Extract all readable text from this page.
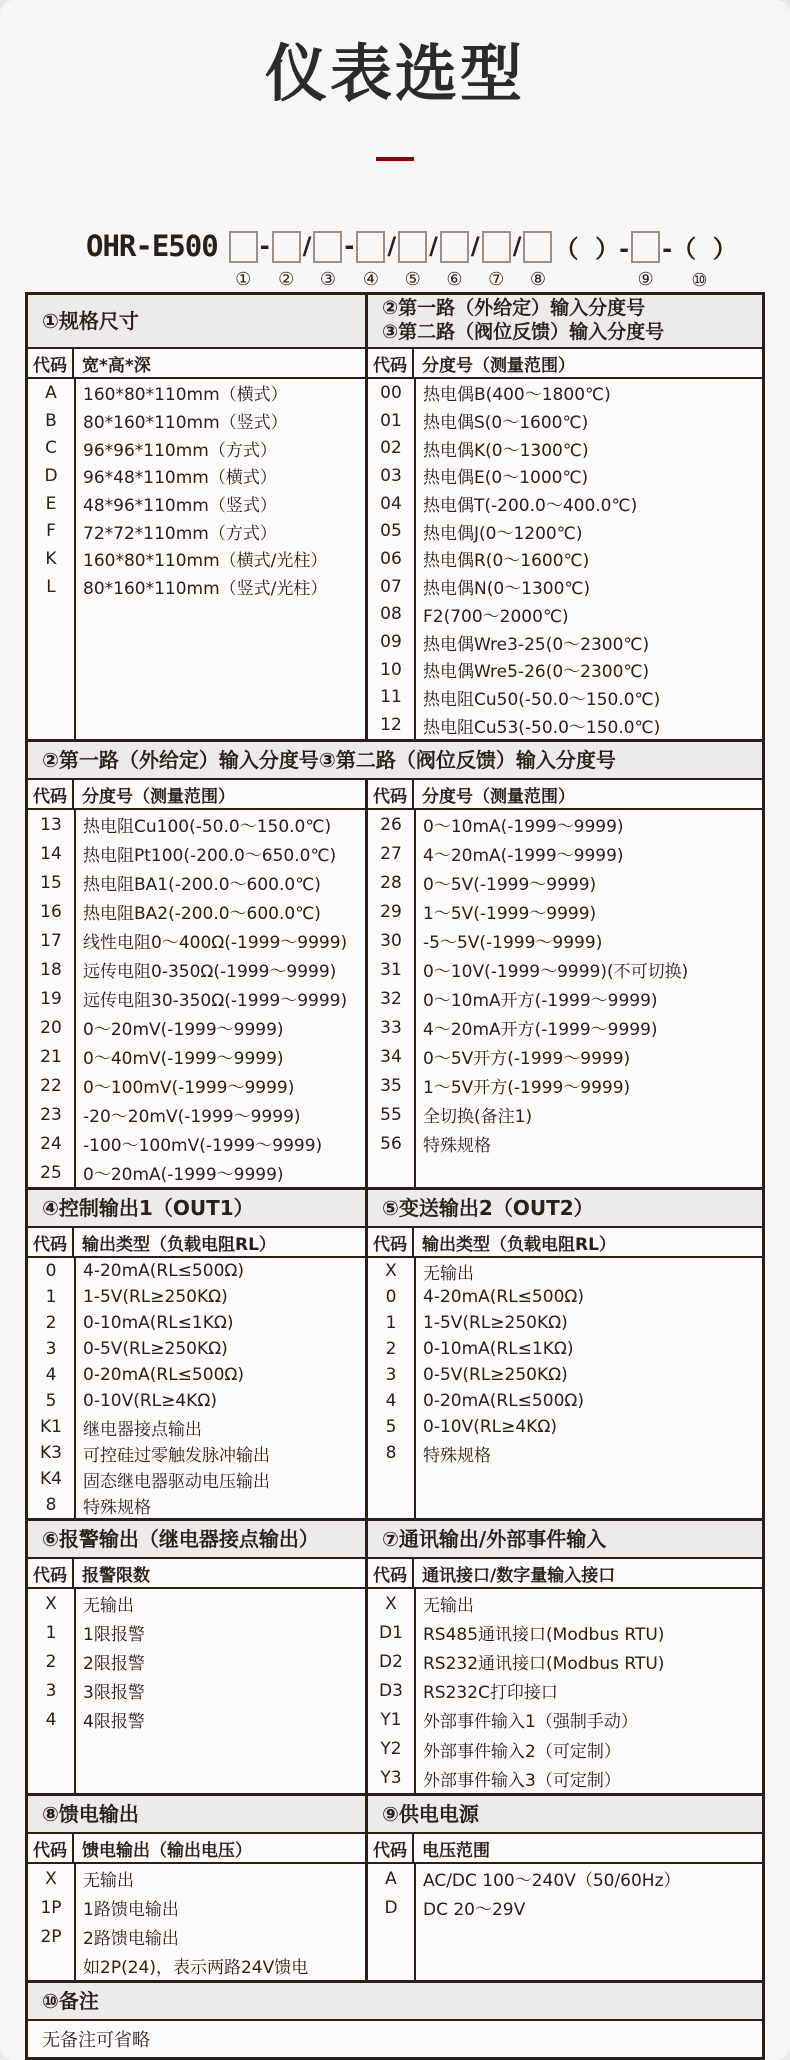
仪表选型
OHR-E500
①
-
②
/
③
-
④
/
⑤
/
⑥
/
⑦
/
⑧
（  ）-
⑨
-（  ）
⑩
①规格尺寸
代码 宽*高*深
A	160*80*110mm（横式）
B	80*160*110mm（竖式）
C	96*96*110mm（方式）
D	96*48*110mm（横式）
E	48*96*110mm（竖式）
F	72*72*110mm（方式）
K	160*80*110mm（横式/光柱）
L	80*160*110mm（竖式/光柱）
②第一路（外给定）输入分度号
③第二路（阀位反馈）输入分度号
代码 分度号（测量范围）
00	热电偶B(400～1800℃)
01	热电偶S(0～1600℃)
02	热电偶K(0～1300℃)
03	热电偶E(0～1000℃)
04	热电偶T(-200.0～400.0℃)
05	热电偶J(0～1200℃)
06	热电偶R(0～1600℃)
07	热电偶N(0～1300℃)
08	F2(700～2000℃)
09	热电偶Wre3-25(0～2300℃)
10	热电偶Wre5-26(0～2300℃)
11	热电阻Cu50(-50.0～150.0℃)
12	热电阻Cu53(-50.0～150.0℃)
②第一路（外给定）输入分度号③第二路（阀位反馈）输入分度号
代码 分度号（测量范围）
13	热电阻Cu100(-50.0～150.0℃)
14	热电阻Pt100(-200.0～650.0℃)
15	热电阻BA1(-200.0～600.0℃)
16	热电阻BA2(-200.0～600.0℃)
17	线性电阻0～400Ω(-1999～9999)
18	远传电阻0-350Ω(-1999～9999)
19	远传电阻30-350Ω(-1999～9999)
20	0～20mV(-1999～9999)
21	0～40mV(-1999～9999)
22	0～100mV(-1999～9999)
23	-20～20mV(-1999～9999)
24	-100～100mV(-1999～9999)
25	0～20mA(-1999～9999)
代码 分度号（测量范围）
26	0～10mA(-1999～9999)
27	4～20mA(-1999～9999)
28	0～5V(-1999～9999)
29	1～5V(-1999～9999)
30	-5～5V(-1999～9999)
31	0～10V(-1999～9999)(不可切换)
32	0～10mA开方(-1999～9999)
33	4～20mA开方(-1999～9999)
34	0～5V开方(-1999～9999)
35	1～5V开方(-1999～9999)
55	全切换(备注1)
56	特殊规格
④控制输出1（OUT1）
代码 输出类型（负载电阻RL）
0	4-20mA(RL≤500Ω)
1	1-5V(RL≥250KΩ)
2	0-10mA(RL≤1KΩ)
3	0-5V(RL≥250KΩ)
4	0-20mA(RL≤500Ω)
5	0-10V(RL≥4KΩ)
K1	继电器接点输出
K3	可控硅过零触发脉冲输出
K4	固态继电器驱动电压输出
8	特殊规格
⑤变送输出2（OUT2）
代码 输出类型（负载电阻RL）
X	无输出
0	4-20mA(RL≤500Ω)
1	1-5V(RL≥250KΩ)
2	0-10mA(RL≤1KΩ)
3	0-5V(RL≥250KΩ)
4	0-20mA(RL≤500Ω)
5	0-10V(RL≥4KΩ)
8	特殊规格
⑥报警输出（继电器接点输出）
代码 报警限数
X	无输出
1	1限报警
2	2限报警
3	3限报警
4	4限报警
⑦通讯输出/外部事件输入
代码 通讯接口/数字量输入接口
X	无输出
D1	RS485通讯接口(Modbus RTU)
D2	RS232通讯接口(Modbus RTU)
D3	RS232C打印接口
Y1	外部事件输入1（强制手动）
Y2	外部事件输入2（可定制）
Y3	外部事件输入3（可定制）
⑧馈电输出
代码 馈电输出（输出电压）
X	无输出
1P	1路馈电输出
2P	2路馈电输出
如2P(24)，表示两路24V馈电
⑨供电电源
代码 电压范围
A	AC/DC 100～240V（50/60Hz）
D	DC 20～29V
⑩备注
无备注可省略
